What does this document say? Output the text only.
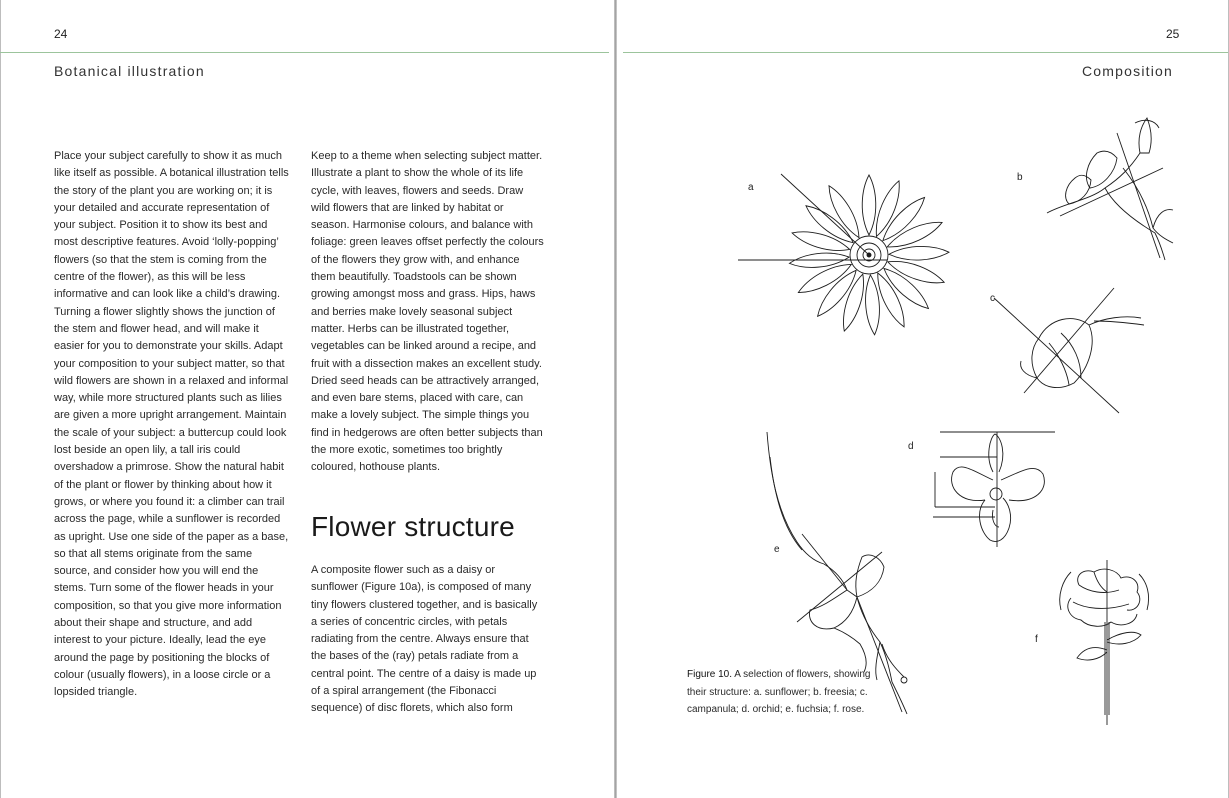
24
Botanical illustration

Place your subject carefully to show it as much like itself as possible. A botanical illustration tells the story of the plant you are working on; it is your detailed and accurate representation of your subject. Position it to show its best and most descriptive features. Avoid ‘lolly-popping’ flowers (so that the stem is coming from the centre of the flower), as this will be less informative and can look like a child’s drawing. Turning a flower slightly shows the junction of the stem and flower head, and will make it easier for you to demonstrate your skills. Adapt your composition to your subject matter, so that wild flowers are shown in a relaxed and informal way, while more structured plants such as lilies are given a more upright arrangement. Maintain the scale of your subject: a buttercup could look lost beside an open lily, a tall iris could overshadow a primrose. Show the natural habit of the plant or flower by thinking about how it grows, or where you found it: a climber can trail across the page, while a sunflower is recorded as upright. Use one side of the paper as a base, so that all stems originate from the same source, and consider how you will end the stems. Turn some of the flower heads in your composition, so that you give more information about their shape and structure, and add interest to your picture. Ideally, lead the eye around the page by positioning the blocks of colour (usually flowers), in a loose circle or a lopsided triangle.

Keep to a theme when selecting subject matter. Illustrate a plant to show the whole of its life cycle, with leaves, flowers and seeds. Draw wild flowers that are linked by habitat or season. Harmonise colours, and balance with foliage: green leaves offset perfectly the colours of the flowers they grow with, and enhance them beautifully. Toadstools can be shown growing amongst moss and grass. Hips, haws and berries make lovely seasonal subject matter. Herbs can be illustrated together, vegetables can be linked around a recipe, and fruit with a dissection makes an excellent study. Dried seed heads can be attractively arranged, and even bare stems, placed with care, can make a lovely subject. The simple things you find in hedgerows are often better subjects than the more exotic, sometimes too brightly coloured, hothouse plants.

Flower structure

A composite flower such as a daisy or sunflower (Figure 10a), is composed of many tiny flowers clustered together, and is basically a series of concentric circles, with petals radiating from the centre. Always ensure that the bases of the (ray) petals radiate from a central point. The centre of a daisy is made up of a spiral arrangement (the Fibonacci sequence) of disc florets, which also form

25
Composition
a
b
c
d
e
f
Figure 10. A selection of flowers, showing their structure: a. sunflower; b. freesia; c. campanula; d. orchid; e. fuchsia; f. rose.
